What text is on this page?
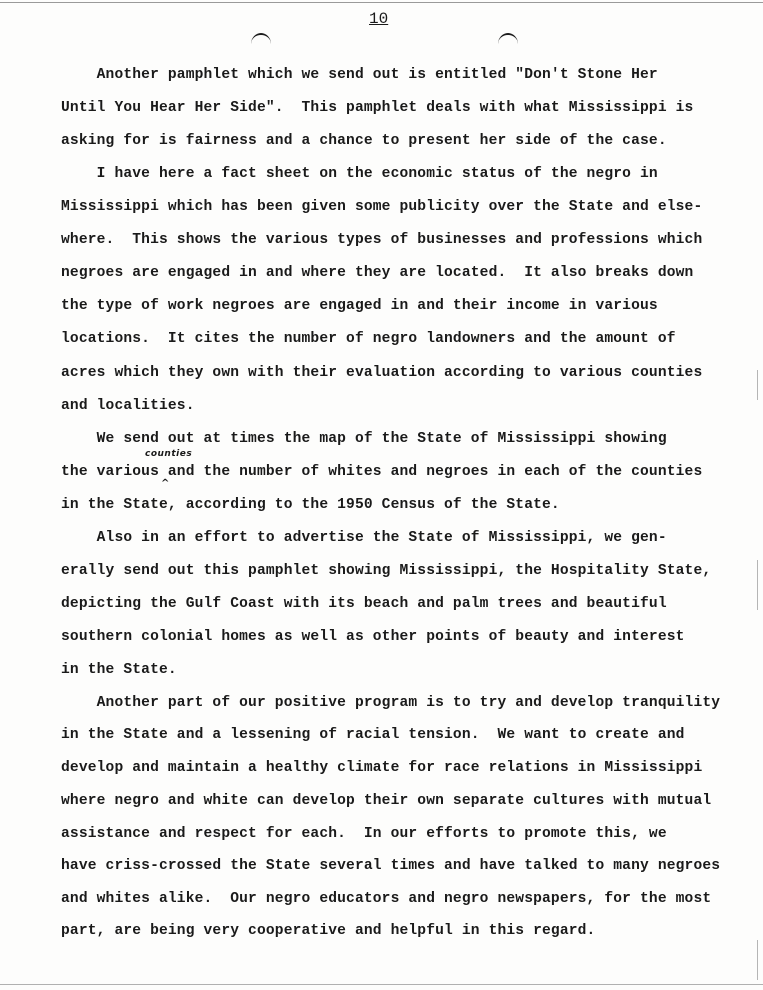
10
Another pamphlet which we send out is entitled "Don't Stone Her
Until You Hear Her Side".  This pamphlet deals with what Mississippi is
asking for is fairness and a chance to present her side of the case.
I have here a fact sheet on the economic status of the negro in
Mississippi which has been given some publicity over the State and else-
where.  This shows the various types of businesses and professions which
negroes are engaged in and where they are located.  It also breaks down
the type of work negroes are engaged in and their income in various
locations.  It cites the number of negro landowners and the amount of
acres which they own with their evaluation according to various counties
and localities.
We send out at times the map of the State of Mississippi showing
the various and the number of whites and negroes in each of the counties
in the State, according to the 1950 Census of the State.
Also in an effort to advertise the State of Mississippi, we gen-
erally send out this pamphlet showing Mississippi, the Hospitality State,
depicting the Gulf Coast with its beach and palm trees and beautiful
southern colonial homes as well as other points of beauty and interest
in the State.
Another part of our positive program is to try and develop tranquility
in the State and a lessening of racial tension.  We want to create and
develop and maintain a healthy climate for race relations in Mississippi
where negro and white can develop their own separate cultures with mutual
assistance and respect for each.  In our efforts to promote this, we
have criss-crossed the State several times and have talked to many negroes
and whites alike.  Our negro educators and negro newspapers, for the most
part, are being very cooperative and helpful in this regard.
counties
^
